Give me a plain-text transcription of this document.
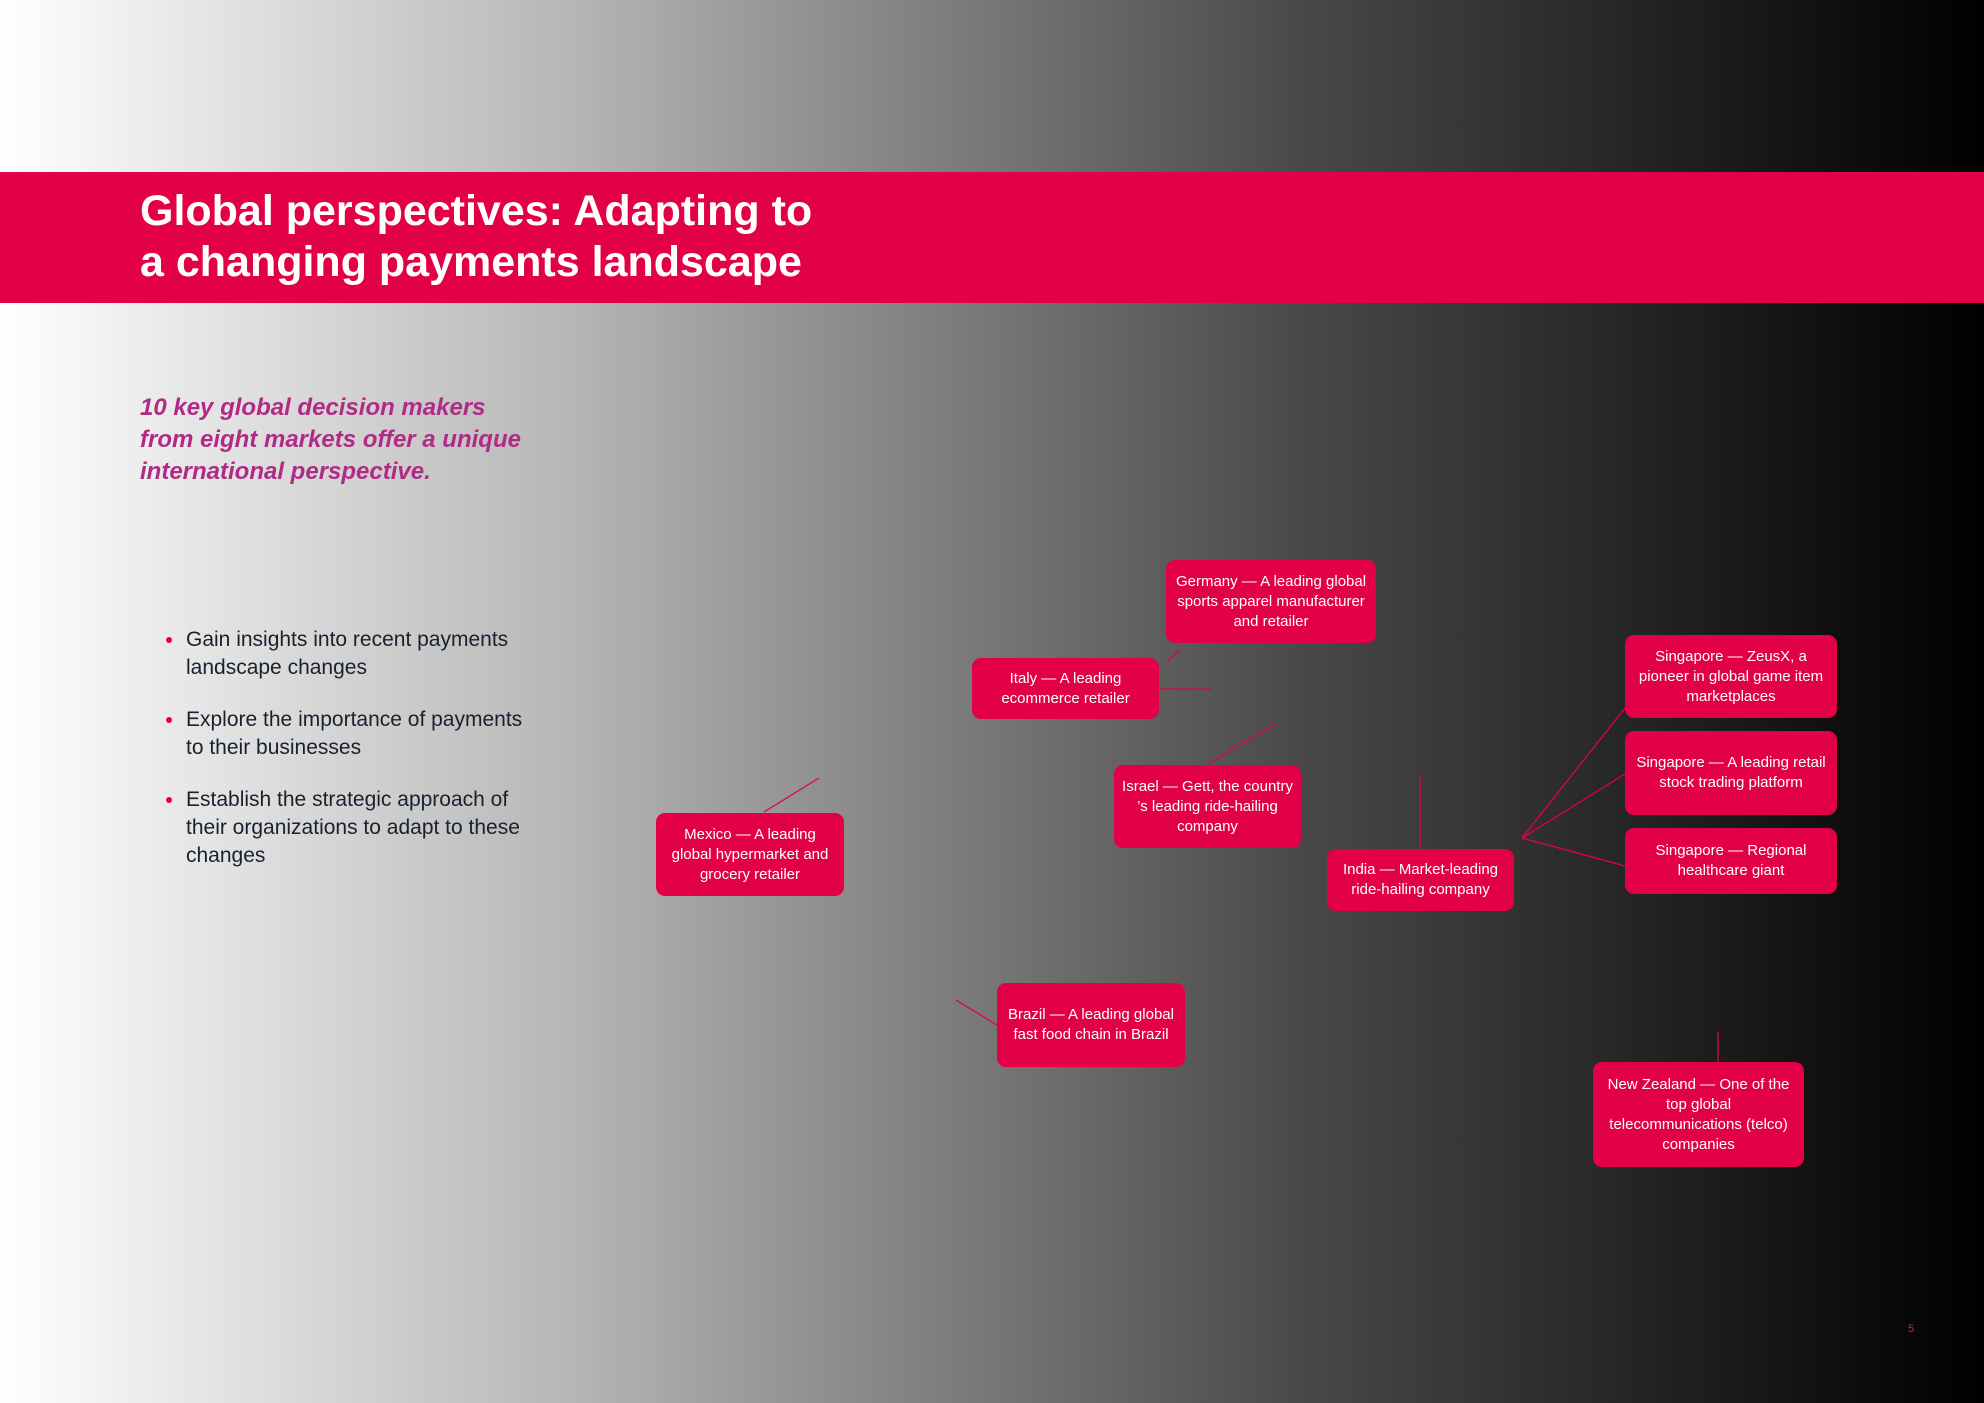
Global perspectives: Adapting to
a changing payments landscape

10 key global decision makers from eight markets offer a unique international perspective.

Gain insights into recent payments landscape changes
Explore the importance of payments to their businesses
Establish the strategic approach of their organizations to adapt to these changes
Germany — A leading global sports apparel manufacturer and retailer
Italy — A leading ecommerce retailer
Israel — Gett, the country ’s leading ride-hailing company
Mexico — A leading global hypermarket and grocery retailer	India — Market-leading ride-hailing company
Singapore — ZeusX, a pioneer in global game item marketplaces
Singapore — A leading retail stock trading platform
Singapore — Regional healthcare giant
Brazil — A leading global fast food chain in Brazil
New Zealand — One of the top global telecommunications (telco) companies
5
